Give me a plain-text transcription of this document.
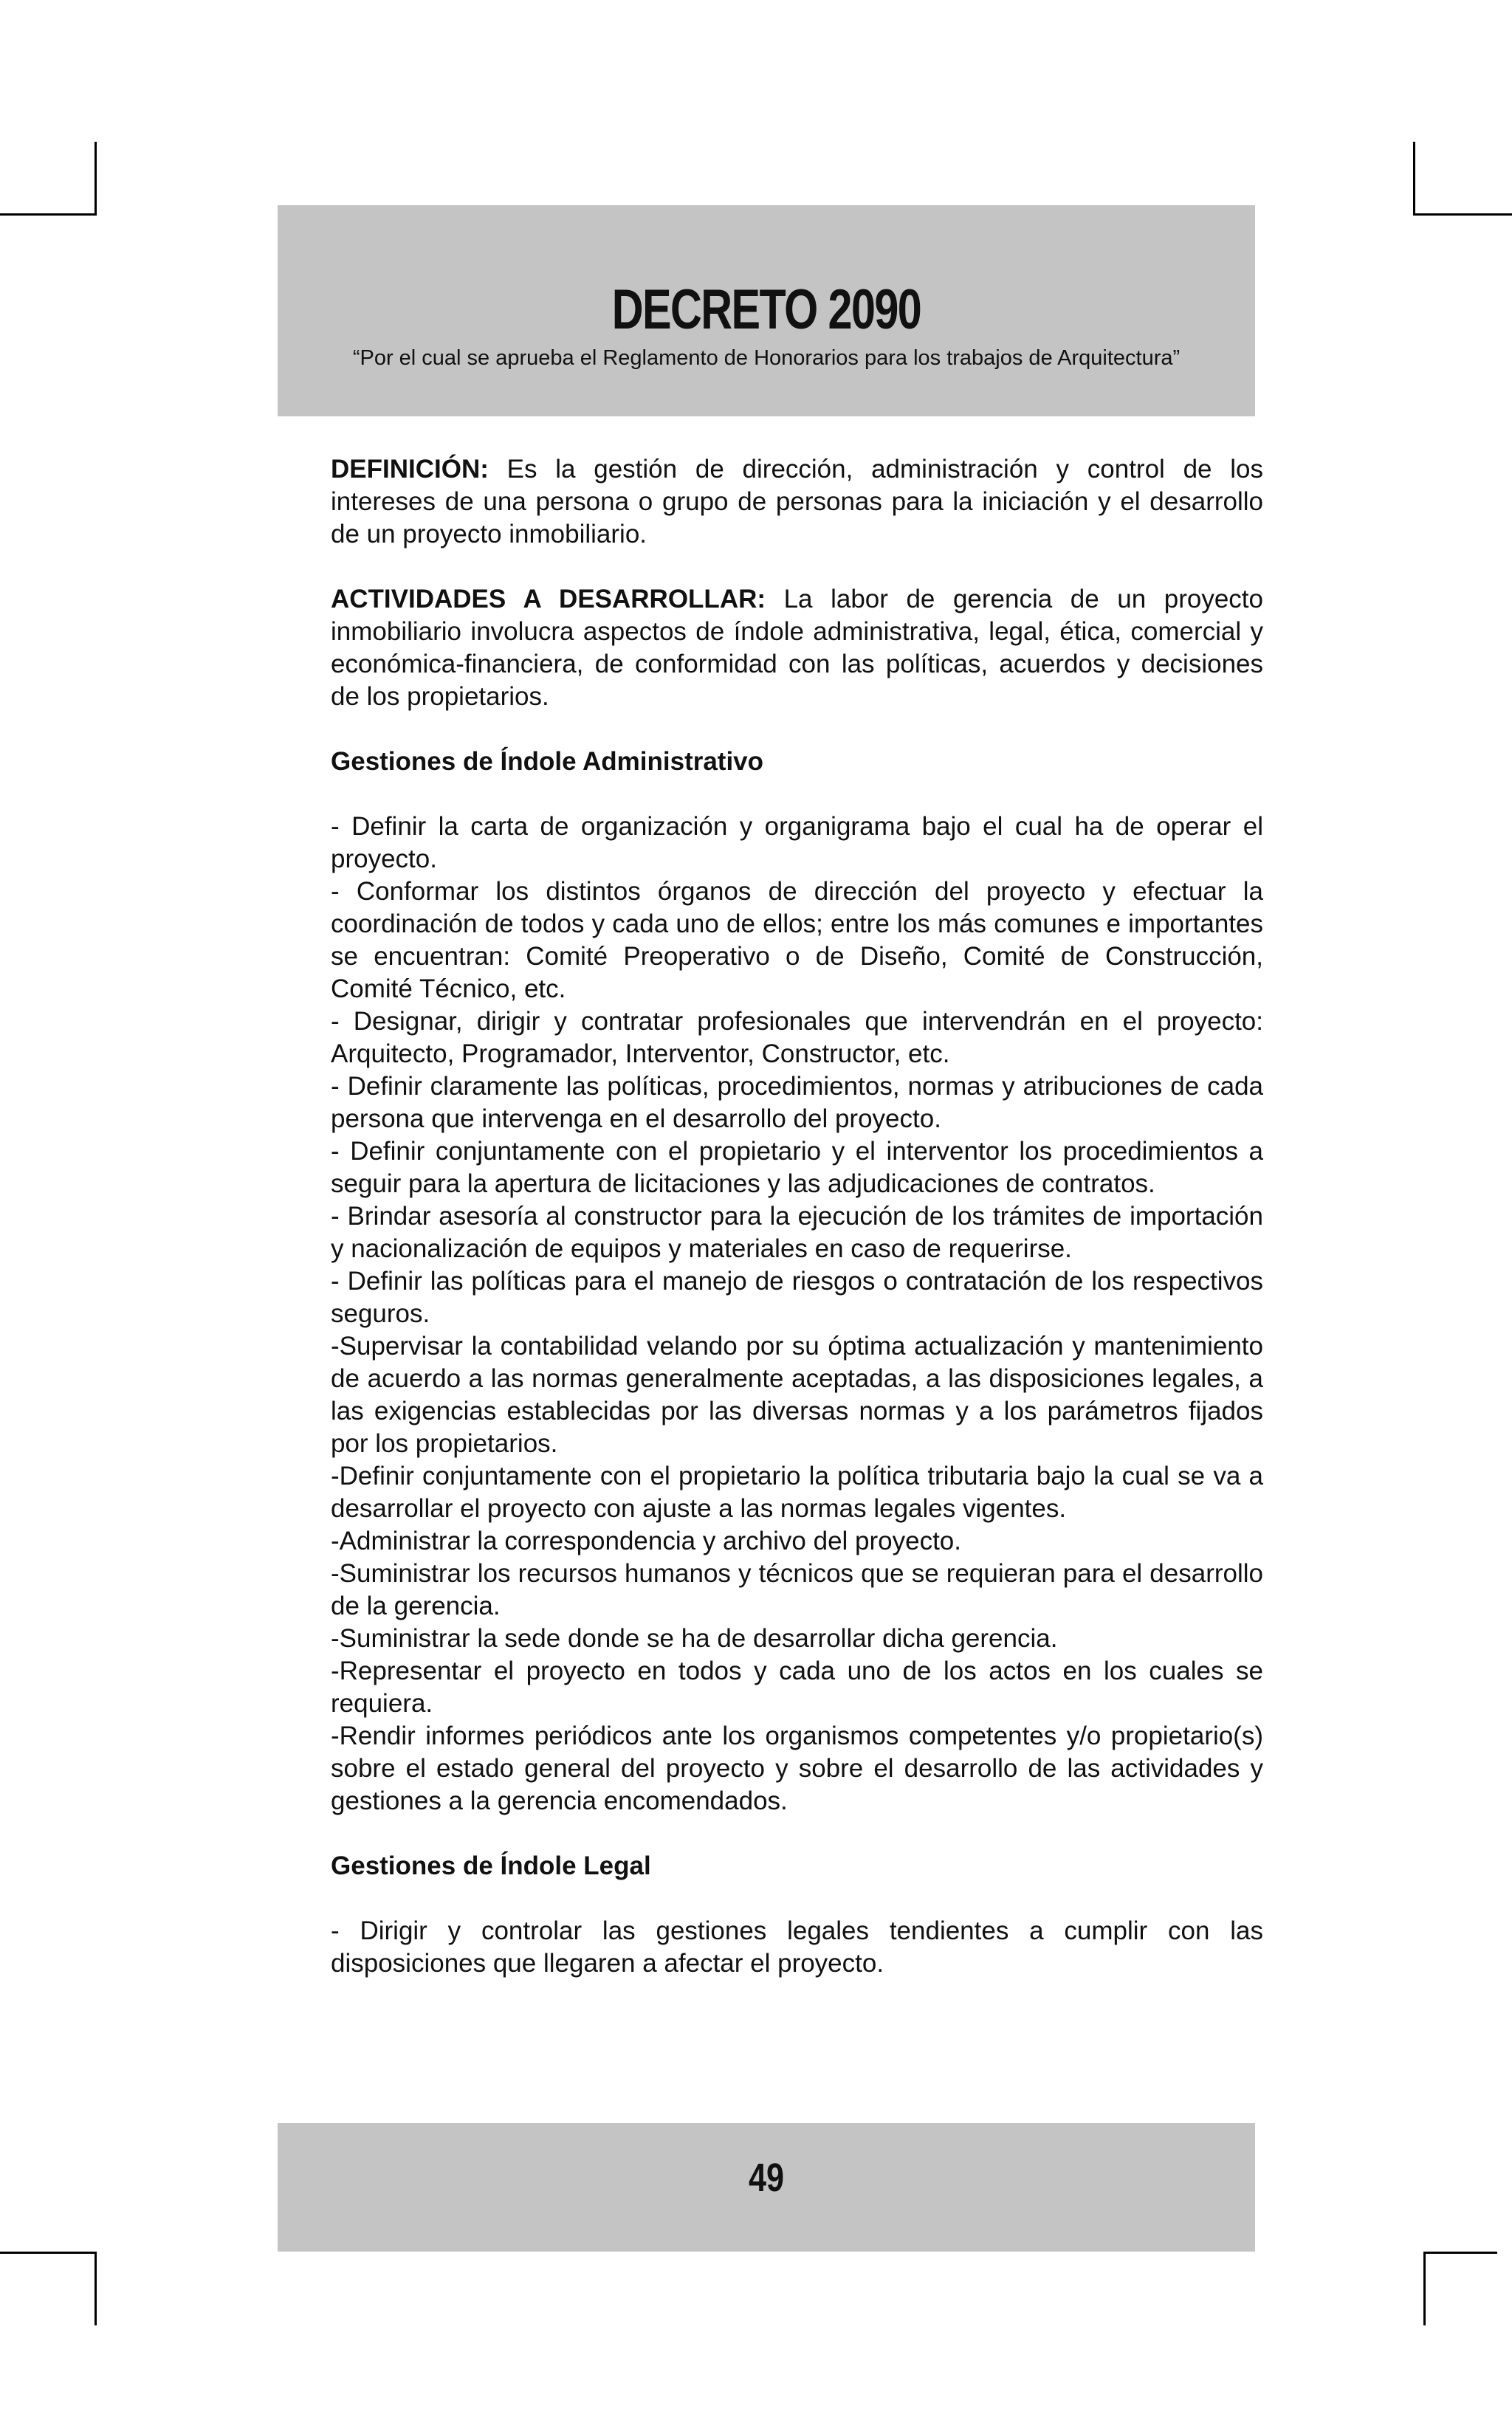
DECRETO 2090
“Por el cual se aprueba el Reglamento de Honorarios para los trabajos de Arquitectura”

DEFINICIÓN: Es la gestión de dirección, administración y control de los intereses de una persona o grupo de personas para la iniciación y el desarrollo de un proyecto inmobiliario.

ACTIVIDADES A DESARROLLAR: La labor de gerencia de un proyecto inmobiliario involucra aspectos de índole administrativa, legal, ética, comercial y económica-financiera, de conformidad con las políticas, acuerdos y decisiones de los propietarios.

Gestiones de Índole Administrativo

- Definir la carta de organización y organigrama bajo el cual ha de operar el proyecto.

- Conformar los distintos órganos de dirección del proyecto y efectuar la coordinación de todos y cada uno de ellos; entre los más comunes e importantes se encuentran: Comité Preoperativo o de Diseño, Comité de Construcción, Comité Técnico, etc.

- Designar, dirigir y contratar profesionales que intervendrán en el proyecto: Arquitecto, Programador, Interventor, Constructor, etc.

- Definir claramente las políticas, procedimientos, normas y atribuciones de cada persona que intervenga en el desarrollo del proyecto.

- Definir conjuntamente con el propietario y el interventor los procedimientos a seguir para la apertura de licitaciones y las adjudicaciones de contratos.

- Brindar asesoría al constructor para la ejecución de los trámites de importación y nacionalización de equipos y materiales en caso de requerirse.

- Definir las políticas para el manejo de riesgos o contratación de los respectivos seguros.

-Supervisar la contabilidad velando por su óptima actualización y mantenimiento de acuerdo a las normas generalmente aceptadas, a las disposiciones legales, a las exigencias establecidas por las diversas normas y a los parámetros fijados por los propietarios.

-Definir conjuntamente con el propietario la política tributaria bajo la cual se va a desarrollar el proyecto con ajuste a las normas legales vigentes.

-Administrar la correspondencia y archivo del proyecto.

-Suministrar los recursos humanos y técnicos que se requieran para el desarrollo de la gerencia.

-Suministrar la sede donde se ha de desarrollar dicha gerencia.

-Representar el proyecto en todos y cada uno de los actos en los cuales se requiera.

-Rendir informes periódicos ante los organismos competentes y/o propietario(s) sobre el estado general del proyecto y sobre el desarrollo de las actividades y gestiones a la gerencia encomendados.

Gestiones de Índole Legal

- Dirigir y controlar las gestiones legales tendientes a cumplir con las disposiciones que llegaren a afectar el proyecto.

49
